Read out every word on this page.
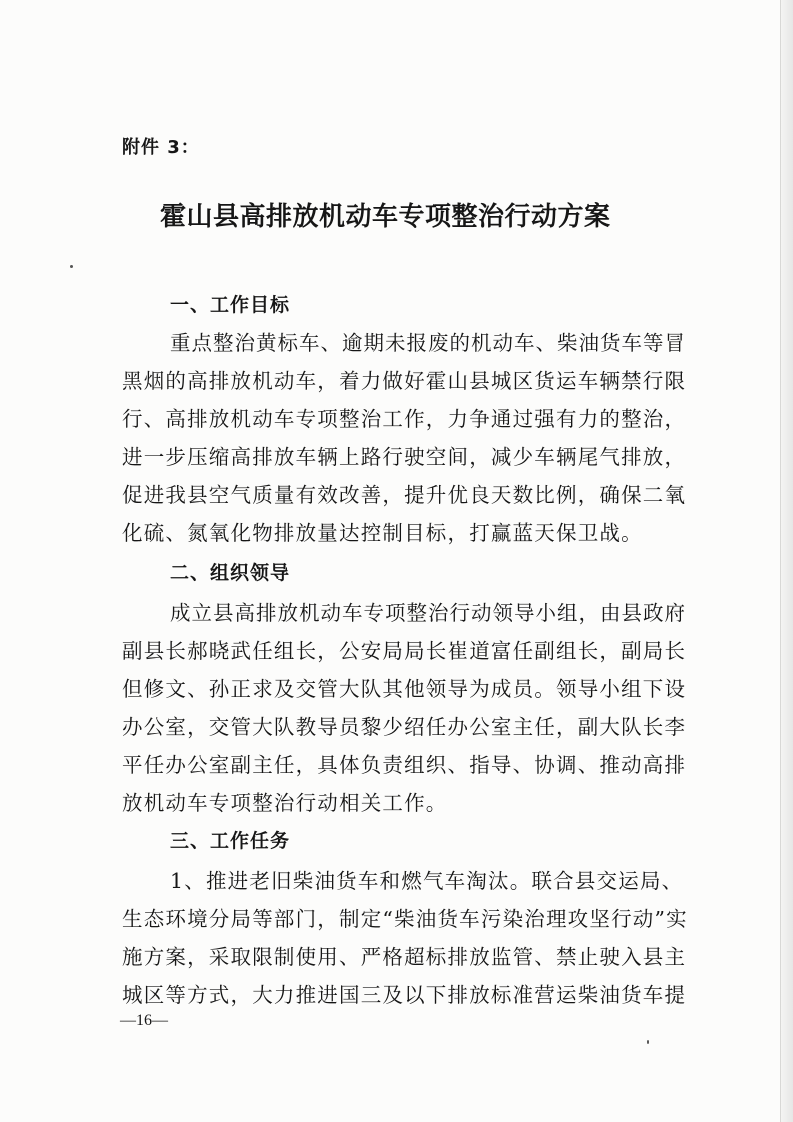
附件 3：
霍山县高排放机动车专项整治行动方案
一、工作目标
重点整治黄标车、逾期未报废的机动车、柴油货车等冒
黑烟的高排放机动车，着力做好霍山县城区货运车辆禁行限
行、高排放机动车专项整治工作，力争通过强有力的整治，
进一步压缩高排放车辆上路行驶空间，减少车辆尾气排放，
促进我县空气质量有效改善，提升优良天数比例，确保二氧
化硫、氮氧化物排放量达控制目标，打赢蓝天保卫战。
二、组织领导
成立县高排放机动车专项整治行动领导小组，由县政府
副县长郝晓武任组长，公安局局长崔道富任副组长，副局长
但修文、孙正求及交管大队其他领导为成员。领导小组下设
办公室，交管大队教导员黎少绍任办公室主任，副大队长李
平任办公室副主任，具体负责组织、指导、协调、推动高排
放机动车专项整治行动相关工作。
三、工作任务
1、推进老旧柴油货车和燃气车淘汰。联合县交运局、
生态环境分局等部门，制定“柴油货车污染治理攻坚行动”实
施方案，采取限制使用、严格超标排放监管、禁止驶入县主
城区等方式，大力推进国三及以下排放标准营运柴油货车提
—16—
